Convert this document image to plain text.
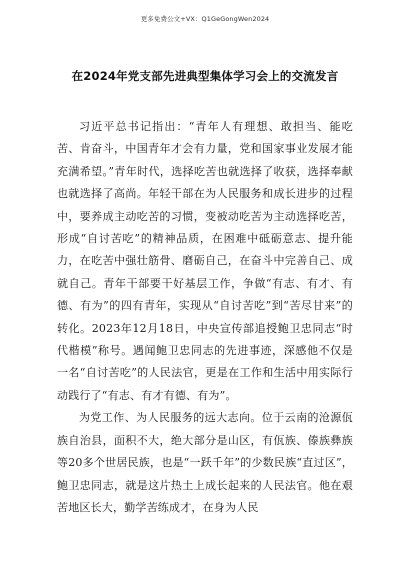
更多免费公文+VX：Q1GeGongWen2024
在2024年党支部先进典型集体学习会上的交流发言

习近平总书记指出：“青年人有理想、敢担当、能吃苦、肯奋斗，中国青年才会有力量，党和国家事业发展才能充满希望。”青年时代，选择吃苦也就选择了收获，选择奉献也就选择了高尚。年轻干部在为人民服务和成长进步的过程中，要养成主动吃苦的习惯，变被动吃苦为主动选择吃苦，形成“自讨苦吃”的精神品质，在困难中砥砺意志、提升能力，在吃苦中强壮筋骨、磨砺自己，在奋斗中完善自己、成就自己。青年干部要干好基层工作，争做“有志、有才、有德、有为”的四有青年，实现从“自讨苦吃”到“苦尽甘来”的转化。2023年12月18日，中央宣传部追授鲍卫忠同志“时代楷模”称号。遇闻鲍卫忠同志的先进事迹，深感他不仅是一名“自讨苦吃”的人民法官，更是在工作和生活中用实际行动践行了“有志、有才有德、有为”。

为党工作、为人民服务的远大志向。位于云南的沧源佤族自治县，面积不大，绝大部分是山区，有佤族、傣族彝族等20多个世居民族，也是“一跃千年”的少数民族“直过区”，鲍卫忠同志，就是这片热土上成长起来的人民法官。他在艰苦地区长大，勤学苦练成才，在身为人民
